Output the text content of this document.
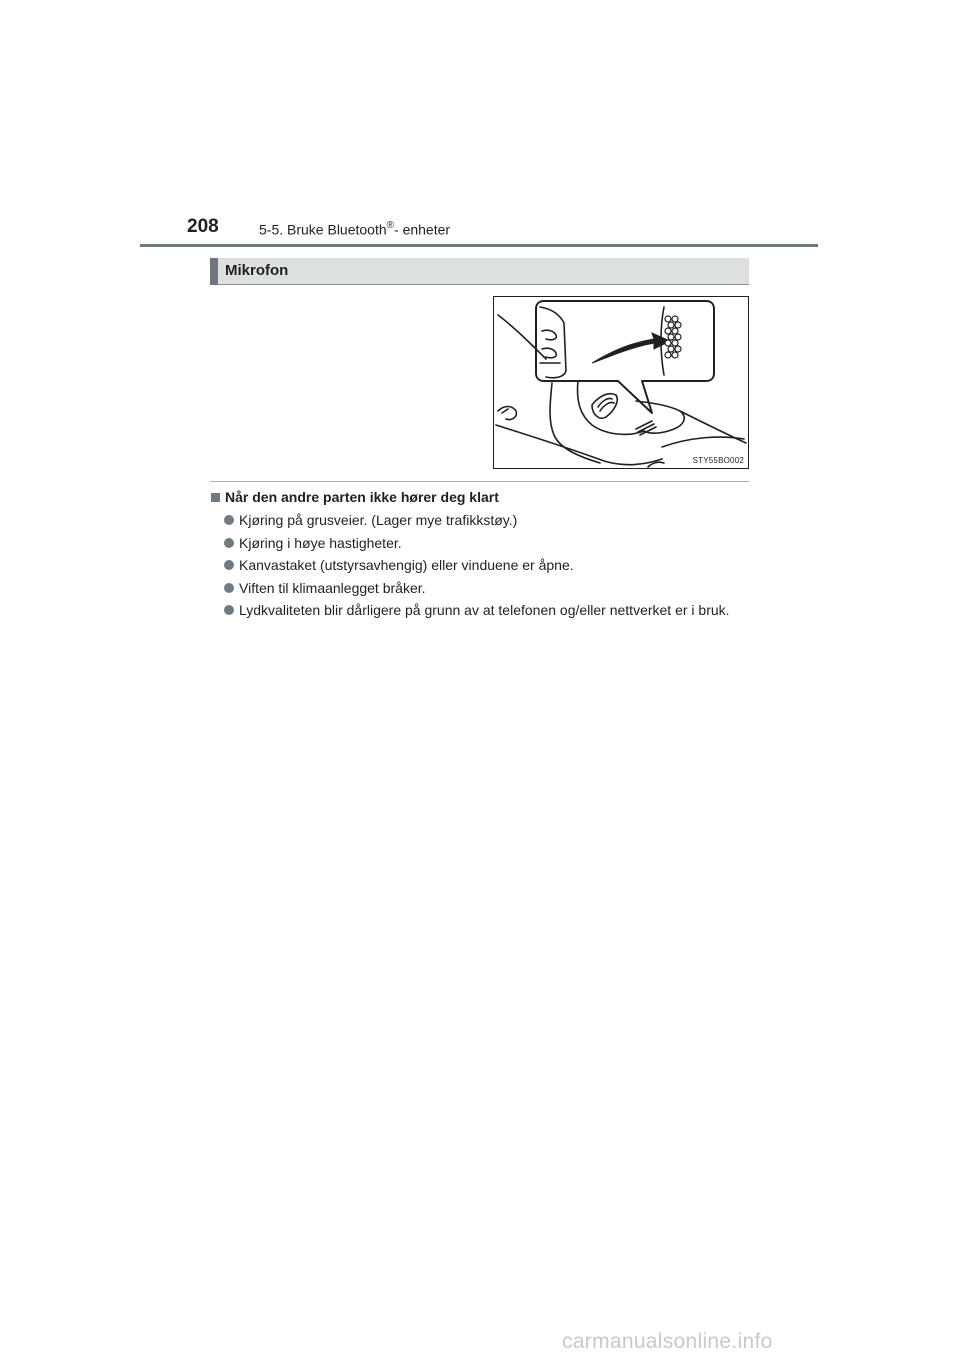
208	5-5. Bruke Bluetooth®- enheter
Mikrofon
STY55BO002
Når den andre parten ikke hører deg klart
Kjøring på grusveier. (Lager mye trafikkstøy.)
Kjøring i høye hastigheter.
Kanvastaket (utstyrsavhengig) eller vinduene er åpne.
Viften til klimaanlegget bråker.
Lydkvaliteten blir dårligere på grunn av at telefonen og/eller nettverket er i bruk.
carmanualsonline.info
